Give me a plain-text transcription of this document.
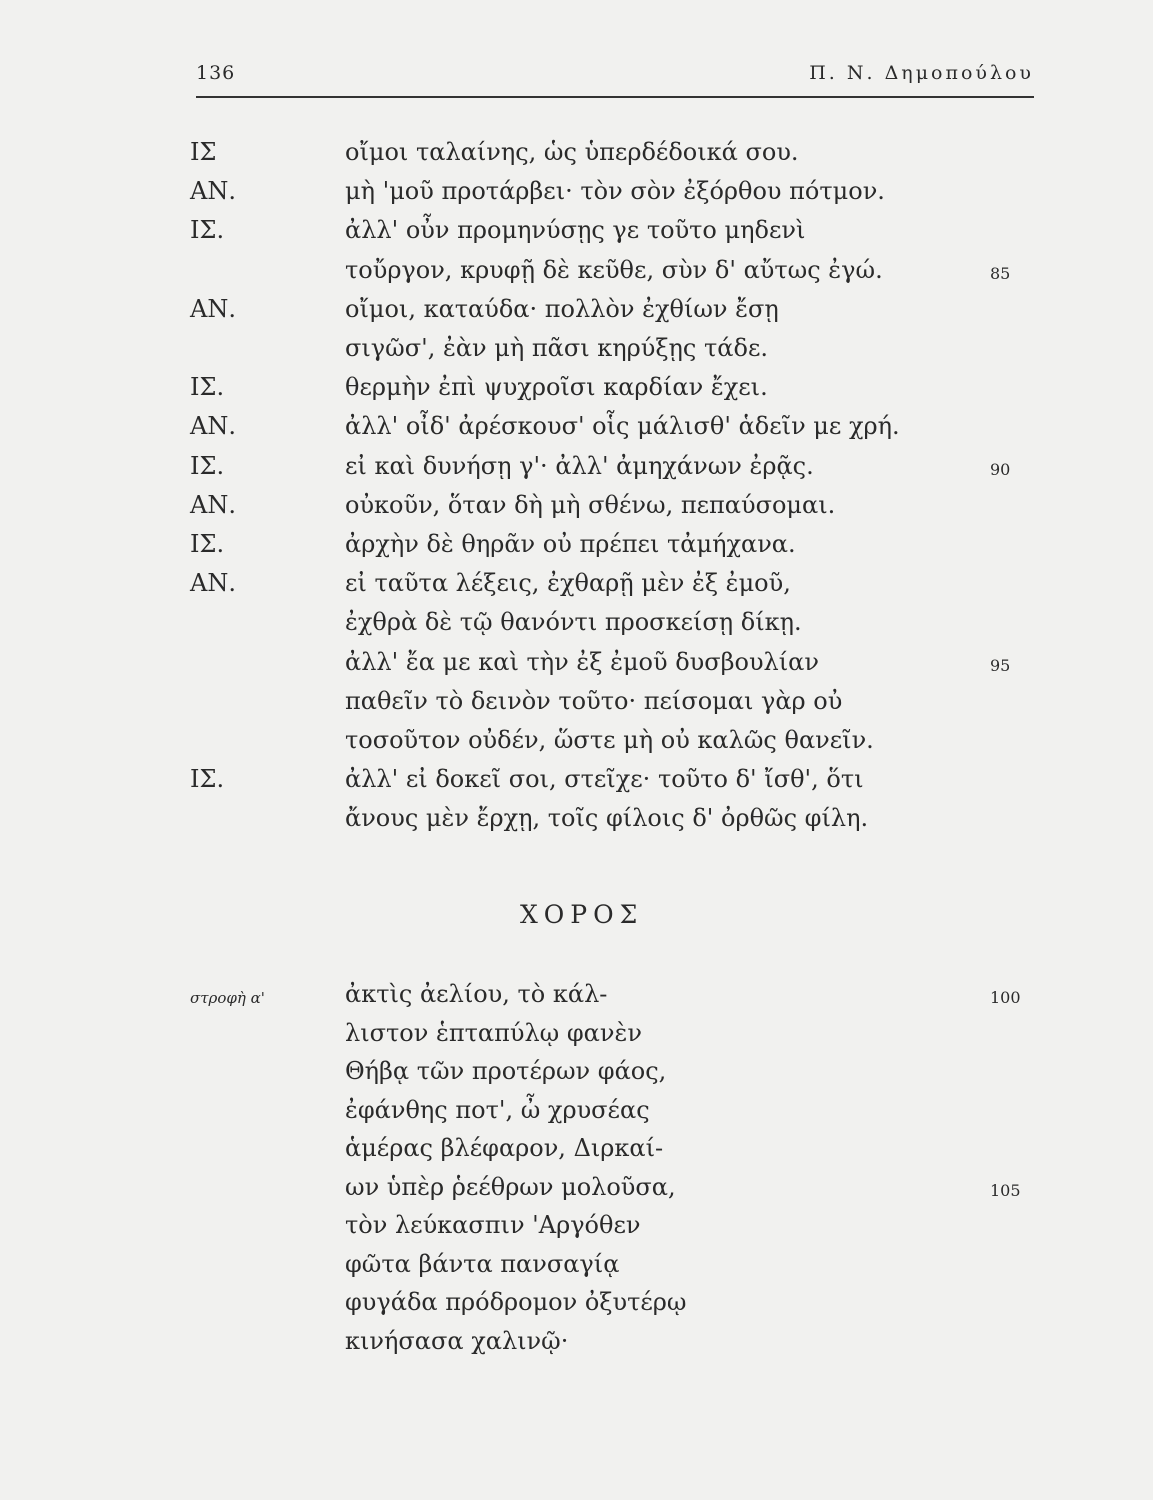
136	Π. Ν. Δημοπούλου
ΙΣ	οἴμοι ταλαίνης, ὡς ὑπερδέδοικά σου.
ΑΝ.	μὴ 'μοῦ προτάρβει· τὸν σὸν ἐξόρθου πότμον.
ΙΣ.	ἀλλ' οὖν προμηνύσῃς γε τοῦτο μηδενὶ
τοὔργον, κρυφῇ δὲ κεῦθε, σὺν δ' αὔτως ἐγώ.	85
ΑΝ.	οἴμοι, καταύδα· πολλὸν ἐχθίων ἔσῃ
σιγῶσ', ἐὰν μὴ πᾶσι κηρύξῃς τάδε.
ΙΣ.	θερμὴν ἐπὶ ψυχροῖσι καρδίαν ἔχει.
ΑΝ.	ἀλλ' οἶδ' ἀρέσκουσ' οἷς μάλισθ' ἁδεῖν με χρή.
ΙΣ.	εἰ καὶ δυνήσῃ γ'· ἀλλ' ἀμηχάνων ἐρᾷς.	90
ΑΝ.	οὐκοῦν, ὅταν δὴ μὴ σθένω, πεπαύσομαι.
ΙΣ.	ἀρχὴν δὲ θηρᾶν οὐ πρέπει τἀμήχανα.
ΑΝ.	εἰ ταῦτα λέξεις, ἐχθαρῇ μὲν ἐξ ἐμοῦ,
ἐχθρὰ δὲ τῷ θανόντι προσκείσῃ δίκῃ.
ἀλλ' ἔα με καὶ τὴν ἐξ ἐμοῦ δυσβουλίαν	95
παθεῖν τὸ δεινὸν τοῦτο· πείσομαι γὰρ οὐ
τοσοῦτον οὐδέν, ὥστε μὴ οὐ καλῶς θανεῖν.
ΙΣ.	ἀλλ' εἰ δοκεῖ σοι, στεῖχε· τοῦτο δ' ἴσθ', ὅτι
ἄνους μὲν ἔρχῃ, τοῖς φίλοις δ' ὀρθῶς φίλη.
ΧΟΡΟΣ
στροφὴ α'	ἀκτὶς ἀελίου, τὸ κάλ-	100
λιστον ἑπταπύλῳ φανὲν
Θήβᾳ τῶν προτέρων φάος,
ἐφάνθης ποτ', ὦ χρυσέας
ἁμέρας βλέφαρον, Διρκαί-
ων ὑπὲρ ῥεέθρων μολοῦσα,	105
τὸν λεύκασπιν 'Αργόθεν
φῶτα βάντα πανσαγίᾳ
φυγάδα πρόδρομον ὀξυτέρῳ
κινήσασα χαλινῷ·
